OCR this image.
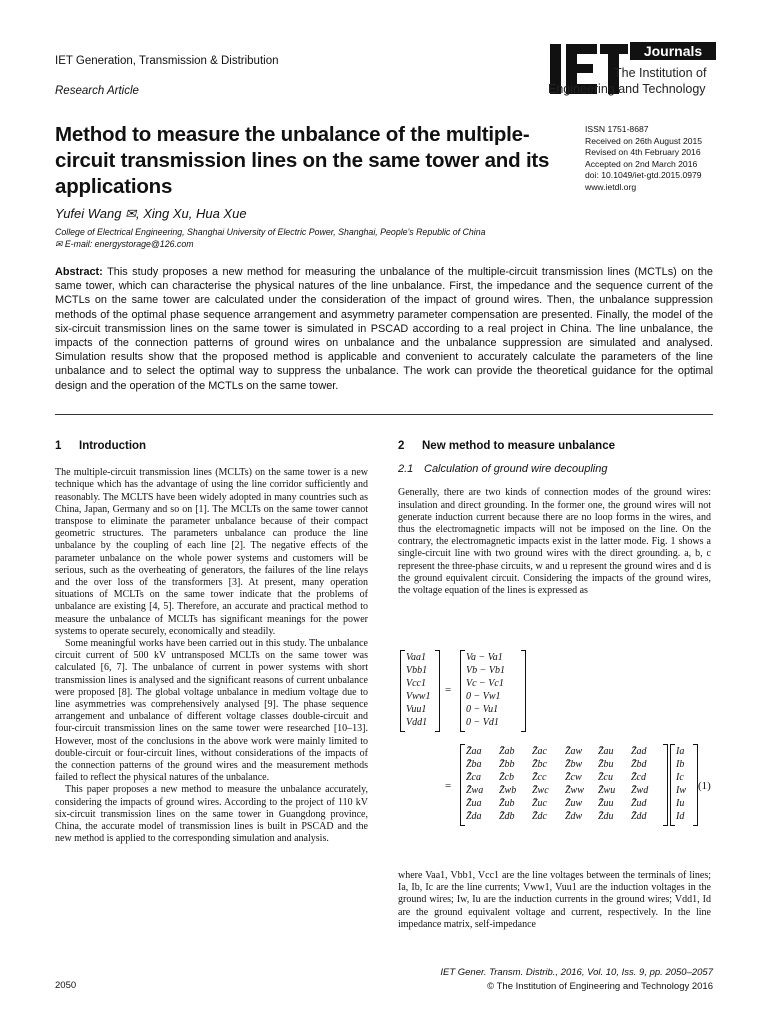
IET Generation, Transmission & Distribution
Research Article
Journals
The Institution of
Engineering and Technology
Method to measure the unbalance of the multiple-circuit transmission lines on the same tower and its applications
ISSN 1751-8687
Received on 26th August 2015
Revised on 4th February 2016
Accepted on 2nd March 2016
doi: 10.1049/iet-gtd.2015.0979
www.ietdl.org
Yufei Wang ✉, Xing Xu, Hua Xue
College of Electrical Engineering, Shanghai University of Electric Power, Shanghai, People's Republic of China
✉ E-mail: energystorage@126.com
Abstract: This study proposes a new method for measuring the unbalance of the multiple-circuit transmission lines (MCTLs) on the same tower, which can characterise the physical natures of the line unbalance. First, the impedance and the sequence current of the MCTLs on the same tower are calculated under the consideration of the impact of ground wires. Then, the unbalance suppression methods of the optimal phase sequence arrangement and asymmetry parameter compensation are presented. Finally, the model of the six-circuit transmission lines on the same tower is simulated in PSCAD according to a real project in China. The line unbalance, the impacts of the connection patterns of ground wires on unbalance and the unbalance suppression are simulated and analysed. Simulation results show that the proposed method is applicable and convenient to accurately calculate the parameters of the line unbalance and to select the optimal way to suppress the unbalance. The work can provide the theoretical guidance for the optimal design and the operation of the MCTLs on the same tower.
1 Introduction

The multiple-circuit transmission lines (MCLTs) on the same tower is a new technique which has the advantage of using the line corridor sufficiently and reasonably. The MCLTS have been widely adopted in many countries such as China, Japan, Germany and so on [1]. The MCLTs on the same tower cannot transpose to eliminate the parameter unbalance because of their compact geometric structures. The parameters unbalance can produce the line unbalance by the coupling of each line [2]. The negative effects of the parameter unbalance on the whole power systems and customers will be serious, such as the overheating of generators, the failures of the line relays and the over loss of the transformers [3]. At present, many operation situations of MCLTs on the same tower indicate that the problems of unbalance are existing [4, 5]. Therefore, an accurate and practical method to measure the unbalance of MCLTs has significant meanings for the power systems to operate securely, economically and steadily.

Some meaningful works have been carried out in this study. The unbalance circuit current of 500 kV untransposed MCLTs on the same tower was calculated [6, 7]. The unbalance of current in power systems with short transmission lines is analysed and the significant reasons of current unbalance were proposed [8]. The global voltage unbalance in medium voltage due to line asymmetries was comprehensively analysed [9]. The phase sequence arrangement and unbalance of different voltage classes double-circuit and four-circuit transmission lines on the same tower were researched [10–13]. However, most of the conclusions in the above work were mainly limited to double-circuit or four-circuit lines, without considerations of the impacts of the connection patterns of the ground wires and the measurement methods failed to reflect the physical natures of the unbalance.

This paper proposes a new method to measure the unbalance accurately, considering the impacts of ground wires. According to the project of 110 kV six-circuit transmission lines on the same tower in Guangdong province, China, the accurate model of transmission lines is built in PSCAD and the new method is applied to the corresponding simulation and analysis.

2 New method to measure unbalance
2.1 Calculation of ground wire decoupling

Generally, there are two kinds of connection modes of the ground wires: insulation and direct grounding. In the former one, the ground wires will not generate induction current because there are no loop forms in the wires, and thus the electromagnetic impacts will not be imposed on the line. On the contrary, the electromagnetic impacts exist in the latter mode. Fig. 1 shows a single-circuit line with two ground wires with the direct grounding. a, b, c represent the three-phase circuits, w and u represent the ground wires and d is the ground equivalent circuit. Considering the impacts of the ground wires, the voltage equation of the lines is expressed as

Vaa1
Vbb1
Vcc1
Vww1
Vuu1
Vdd1
=
Va − Va1
Vb − Vb1
Vc − Vc1
0 − Vw1
0 − Vu1
0 − Vd1
=
Z̄aa Z̄ab Z̄ac Z̄aw Z̄au Z̄ad
Z̄ba Z̄bb Z̄bc Z̄bw Z̄bu Z̄bd
Z̄ca Z̄cb Z̄cc Z̄cw Z̄cu Z̄cd
Z̄wa Z̄wb Z̄wc Z̄ww Z̄wu Z̄wd
Z̄ua Z̄ub Z̄uc Z̄uw Z̄uu Z̄ud
Z̄da Z̄db Z̄dc Z̄dw Z̄du Z̄dd
Ia
Ib
Ic
Iw
Iu
Id
(1)

where Vaa1, Vbb1, Vcc1 are the line voltages between the terminals of lines; Ia, Ib, Ic are the line currents; Vww1, Vuu1 are the induction voltages in the ground wires; Iw, Iu are the induction currents in the ground wires; Vdd1, Id are the ground equivalent voltage and current, respectively. In the line impedance matrix, self-impedance

2050
IET Gener. Transm. Distrib., 2016, Vol. 10, Iss. 9, pp. 2050–2057
© The Institution of Engineering and Technology 2016
